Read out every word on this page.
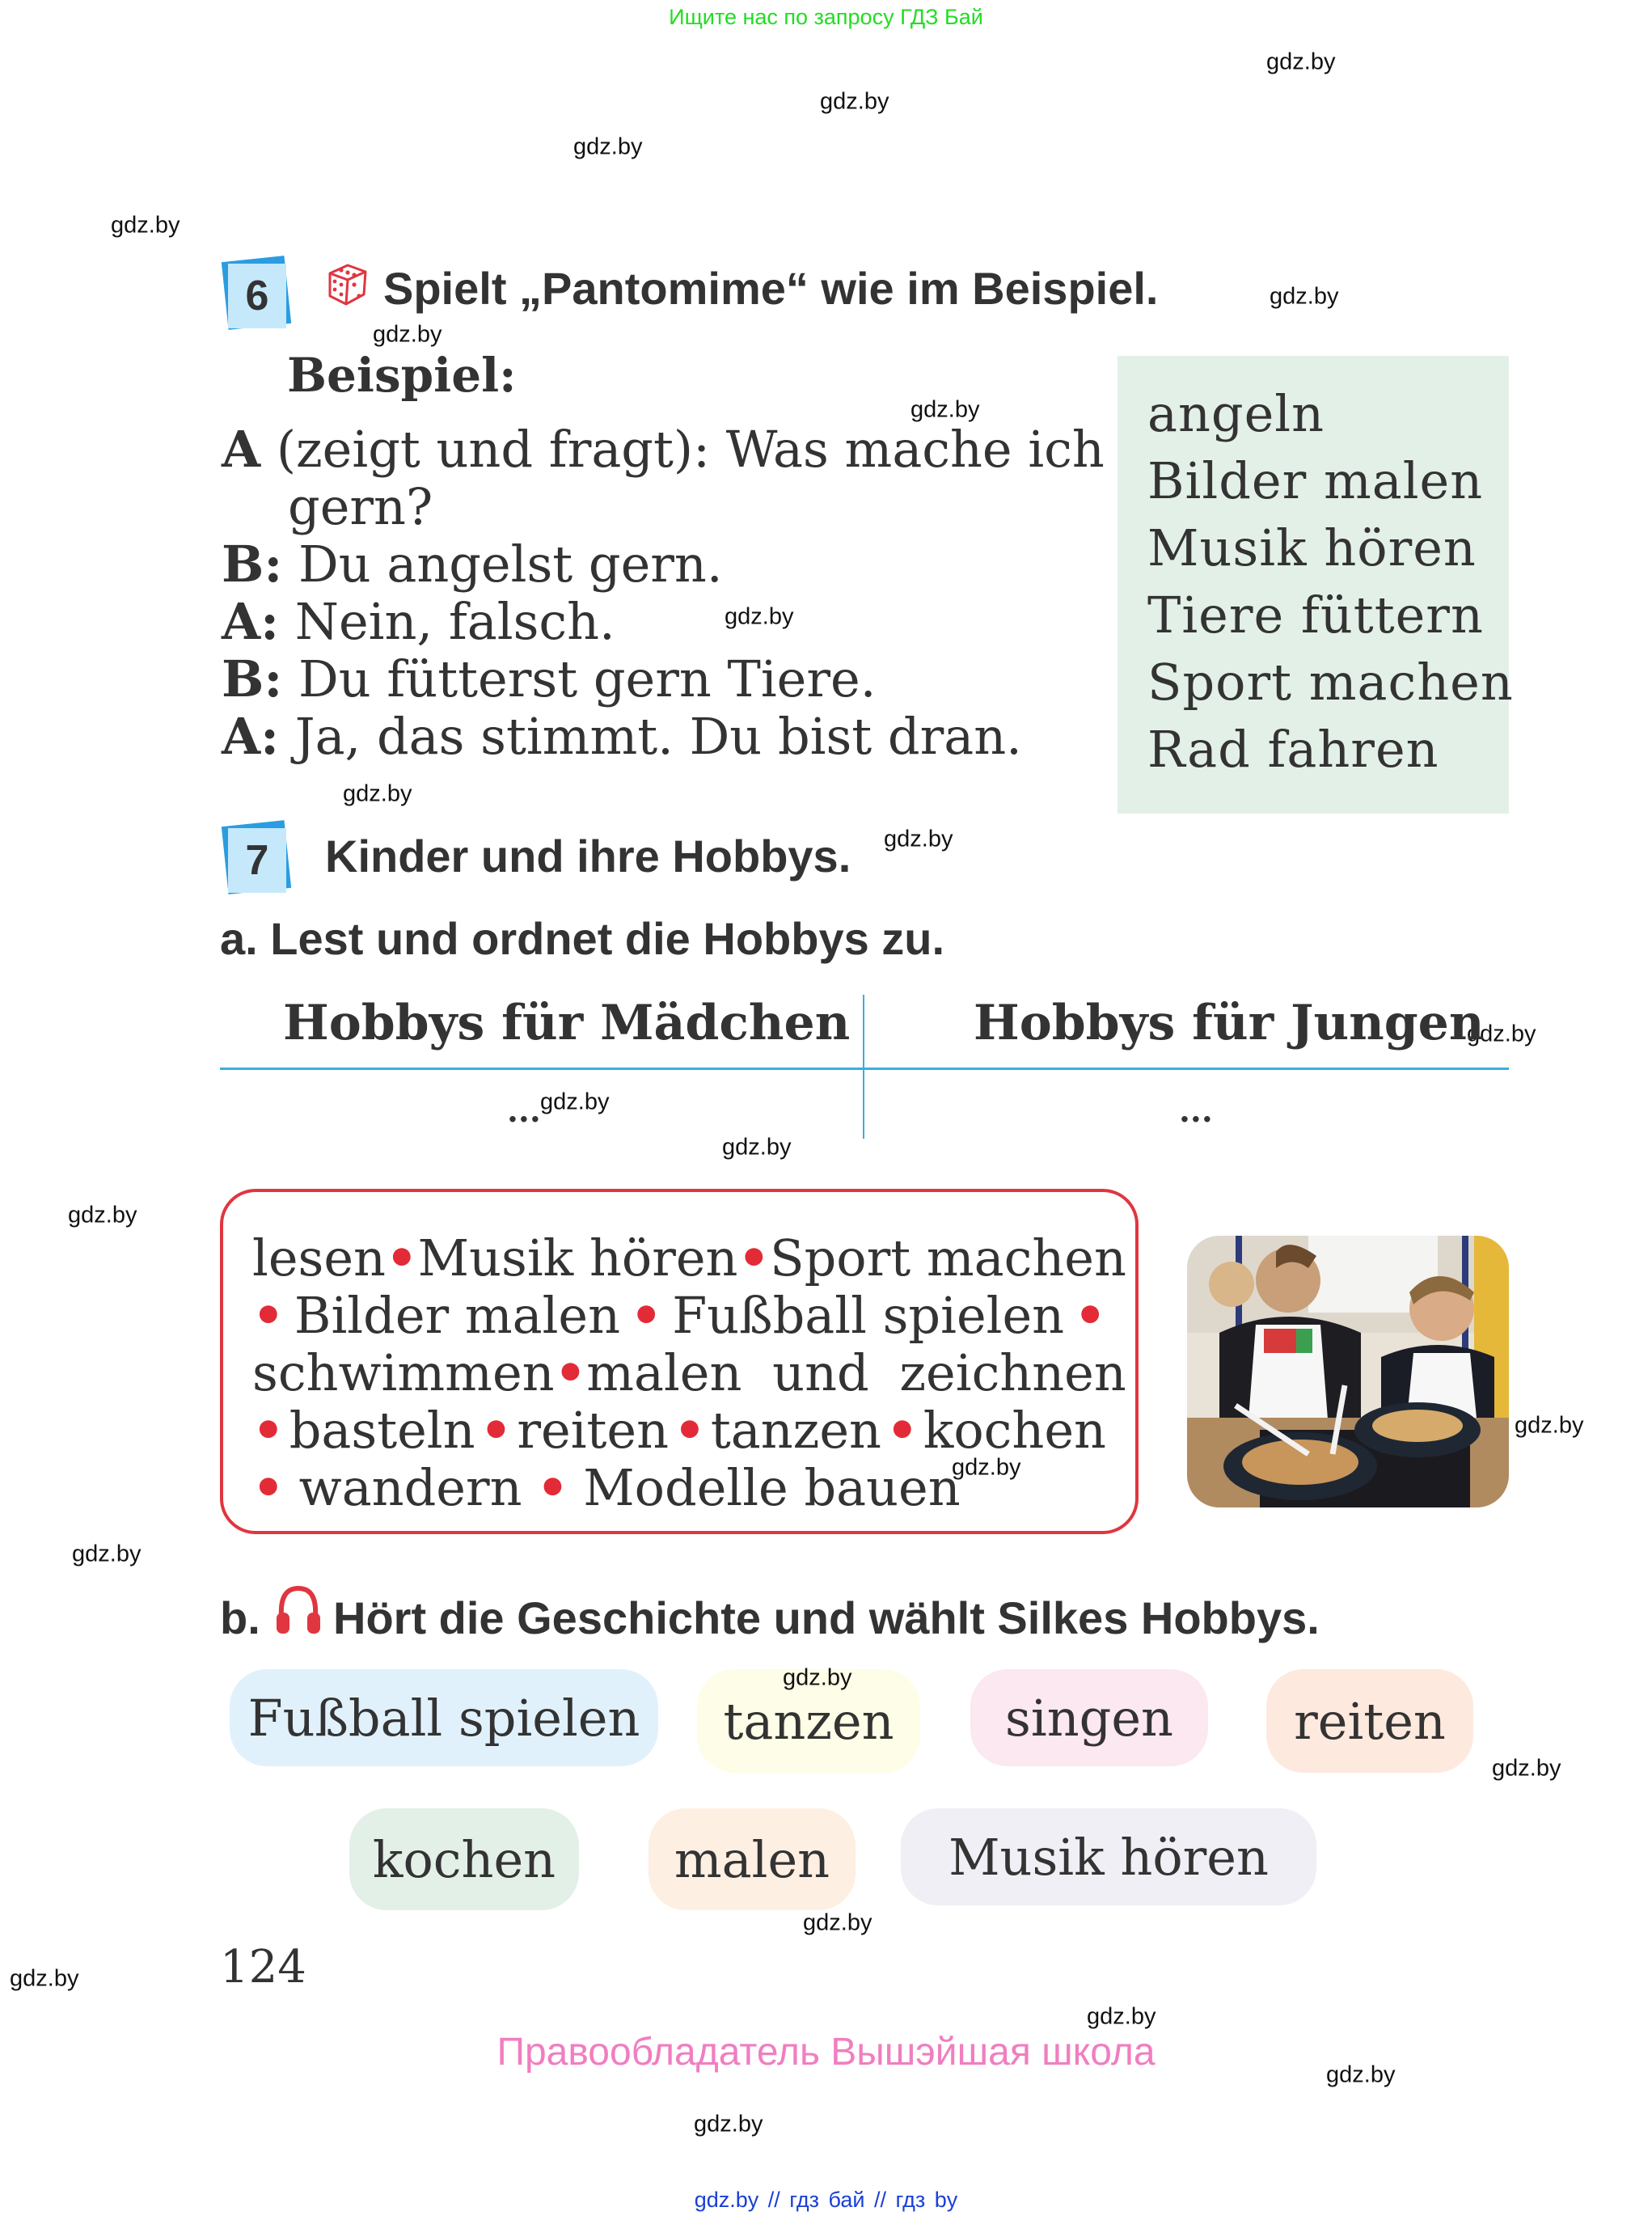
Ищите нас по запросу ГДЗ Бай
gdz.by
gdz.by
gdz.by
gdz.by
gdz.by
gdz.by
gdz.by
gdz.by
gdz.by
gdz.by
gdz.by
gdz.by
gdz.by
gdz.by
gdz.by
gdz.by
gdz.by
gdz.by
gdz.by
gdz.by
gdz.by
gdz.by
gdz.by
gdz.by
6	Spielt „Pantomime“ wie im Beispiel.
Beispiel:
A (zeigt und fragt): Was mache ich
gern?
B: Du angelst gern.
A: Nein, falsch.
B: Du fütterst gern Tiere.
A: Ja, das stimmt. Du bist dran.
angeln
Bilder malen
Musik hören
Tiere füttern
Sport machen
Rad fahren
7	Kinder und ihre Hobbys.
a. Lest und ordnet die Hobbys zu.
Hobbys für Mädchen	Hobbys für Jungen
...	...
lesen • Musik hören • Sport machen
• Bilder malen • Fußball spielen •
schwimmen • malen und zeichnen
• basteln • reiten • tanzen • kochen
• wandern • Modelle bauen
b. Hört die Geschichte und wählt Silkes Hobbys.
Fußball spielen tanzen singen reiten
kochen malen Musik hören
124
Правообладатель Вышэйшая школа
gdz.by // гдз бай // гдз by
